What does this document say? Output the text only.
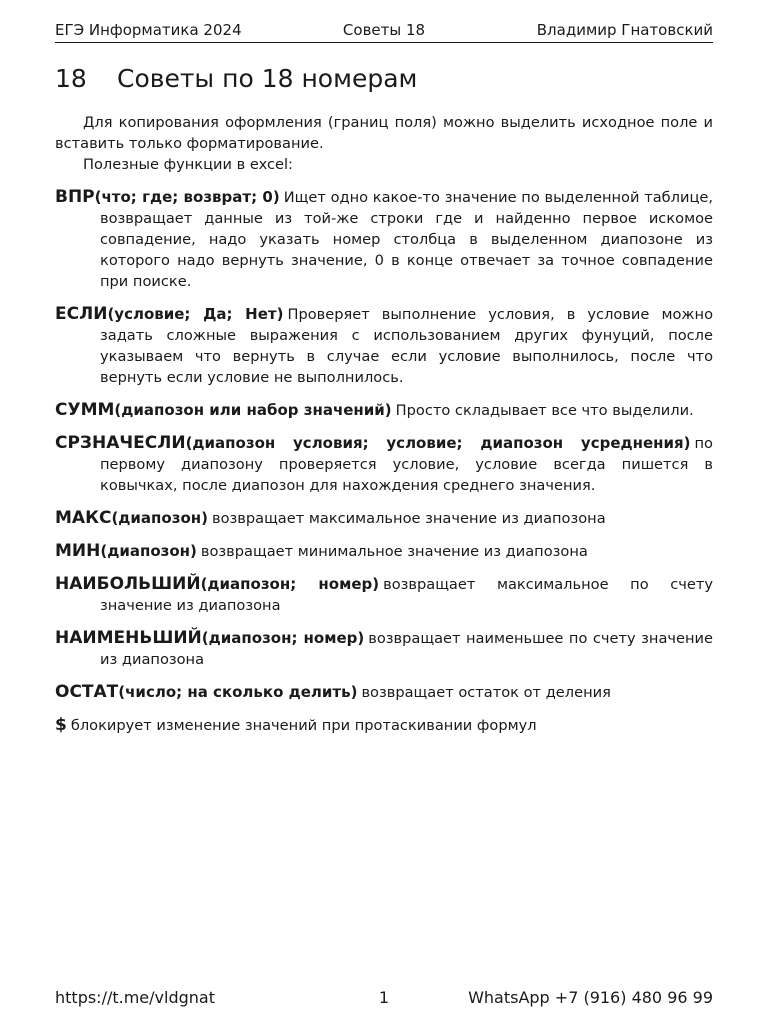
ЕГЭ Информатика 2024	Советы 18	Владимир Гнатовский
18 Советы по 18 номерам

Для копирования оформления (границ поля) можно выделить исходное поле и вставить только форматирование.

Полезные функции в excel:

ВПР(что; где; возврат; 0) Ищет одно какое-то значение по выделенной таблице, возвращает данные из той-же строки где и найденно первое искомое совпадение, надо указать номер столбца в выделенном диапозоне из которого надо вернуть значение, 0 в конце отвечает за точное совпадение при поиске.

ЕСЛИ(условие; Да; Нет) Проверяет выполнение условия, в условие можно задать сложные выражения с использованием других фунуций, после указываем что вернуть в случае если условие выполнилось, после что вернуть если условие не выполнилось.

СУММ(диапозон или набор значений) Просто складывает все что выделили.

СРЗНАЧЕСЛИ(диапозон условия; условие; диапозон усреднения) по первому диапозону проверяется условие, условие всегда пишется в ковычках, после диапозон для нахождения среднего значения.

МАКС(диапозон) возвращает максимальное значение из диапозона

МИН(диапозон) возвращает минимальное значение из диапозона

НАИБОЛЬШИЙ(диапозон; номер) возвращает максимальное по счету значение из диапозона

НАИМЕНЬШИЙ(диапозон; номер) возвращает наименьшее по счету значение из диапозона

ОСТАТ(число; на сколько делить) возвращает остаток от деления

$ блокирует изменение значений при протаскивании формул

https://t.me/vldgnat	1	WhatsApp +7 (916) 480 96 99
